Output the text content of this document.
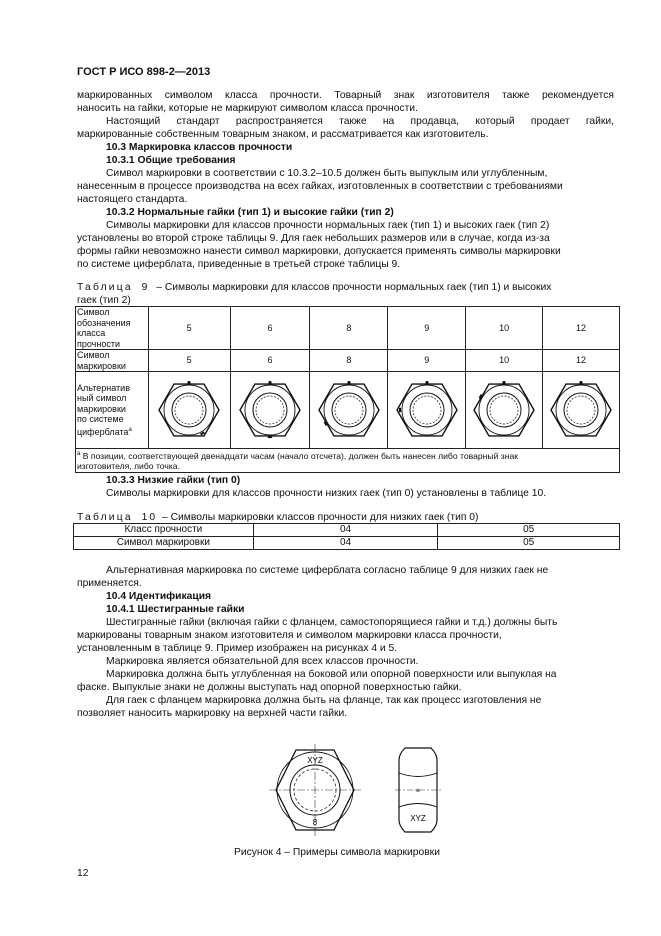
ГОСТ Р ИСО 898-2—2013
маркированных символом класса прочности. Товарный знак изготовителя также рекомендуется
наносить на гайки, которые не маркируют символом класса прочности.
Настоящий стандарт распространяется также на продавца, который продает гайки,
маркированные собственным товарным знаком, и рассматривается как изготовитель.
10.3 Маркировка классов прочности
10.3.1 Общие требования
Символ маркировки в соответствии с 10.3.2–10.5 должен быть выпуклым или углубленным,
нанесенным в процессе производства на всех гайках, изготовленных в соответствии с требованиями
настоящего стандарта.
10.3.2 Нормальные гайки (тип 1) и высокие гайки (тип 2)
Символы маркировки для классов прочности нормальных гаек (тип 1) и высоких гаек (тип 2)
установлены во второй строке таблицы 9. Для гаек небольших размеров или в случае, когда из-за
формы гайки невозможно нанести символ маркировки, допускается применять символы маркировки
по системе циферблата, приведенные в третьей строке таблицы 9.
Таблица 9 – Символы маркировки для классов прочности нормальных гаек (тип 1) и высоких
гаек (тип 2)
Символ
обозначения
класса
прочности	5	6	8	9	10	12

Символ
маркировки	5	6	8	9	10	12

Альтернатив
ный символ
маркировки
по системе
циферблата$^a$

$^a$ В позиции, соответствующей двенадцати часам (начало отсчета), должен быть нанесен либо товарный знак
изготовителя, либо точка.						
10.3.3 Низкие гайки (тип 0)
Символы маркировки для классов прочности низких гаек (тип 0) установлены в таблице 10.
Таблица 10 – Символы маркировки классов прочности для низких гаек (тип 0)
Класс прочности	04	05
Символ маркировки	04	05
Альтернативная маркировка по системе циферблата согласно таблице 9 для низких гаек не
применяется.
10.4 Идентификация
10.4.1 Шестигранные гайки
Шестигранные гайки (включая гайки с фланцем, самостопорящиеся гайки и т.д.) должны быть
маркированы товарным знаком изготовителя и символом маркировки класса прочности,
установленным в таблице 9. Пример изображен на рисунках 4 и 5.
Маркировка является обязательной для всех классов прочности.
Маркировка должна быть углубленная на боковой или опорной поверхности или выпуклая на
фаске. Выпуклые знаки не должны выступать над опорной поверхностью гайки.
Для гаек с фланцем маркировка должна быть на фланце, так как процесс изготовления не
позволяет наносить маркировку на верхней части гайки.
XYZ
8
⊕
XYZ
Рисунок 4 – Примеры символа маркировки
12
